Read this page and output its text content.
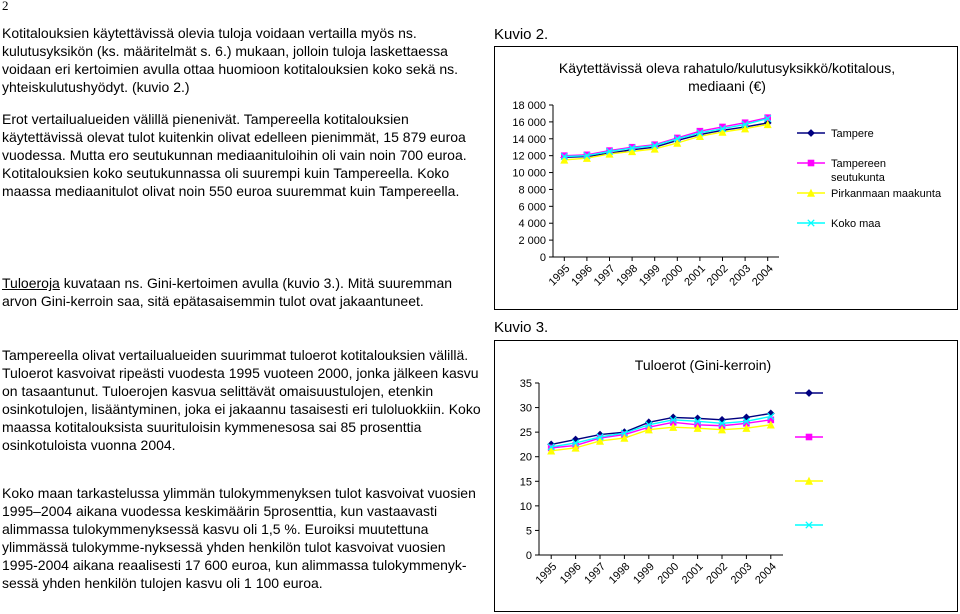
2
Kotitalouksien käytettävissä olevia tuloja voidaan vertailla myös ns. kulutusyksikön (ks. määritelmät s. 6.) mukaan, jolloin tuloja laskettaessa voidaan eri kertoimien avulla ottaa huomioon kotitalouksien koko sekä ns. yhteiskulutushyödyt. (kuvio 2.)
Erot vertailualueiden välillä pienenivät. Tampereella kotitalouksien käytettävissä olevat tulot kuitenkin olivat edelleen pienimmät, 15 879 euroa vuodessa. Mutta ero seutukunnan mediaanituloihin oli vain noin 700 euroa. Kotitalouksien koko seutukunnassa oli suurempi kuin Tampereella. Koko maassa mediaanitulot olivat noin 550 euroa suuremmat kuin Tampereella.
Tuloeroja kuvataan ns. Gini-kertoimen avulla (kuvio 3.). Mitä suuremman arvon Gini-kerroin saa, sitä epätasaisemmin tulot ovat jakaantuneet.
Tampereella olivat vertailualueiden suurimmat tuloerot kotitalouksien välillä. Tuloerot kasvoivat ripeästi vuodesta 1995 vuoteen 2000, jonka jälkeen kasvu on tasaantunut. Tuloerojen kasvua selittävät omaisuustulojen, etenkin osinkotulojen, lisääntyminen, joka ei jakaannu tasaisesti eri tuloluokkiin. Koko maassa kotitalouksista suurituloisin kymmenesosa sai 85 prosenttia osinkotuloista vuonna 2004.
Koko maan tarkastelussa ylimmän tulokymmenyksen tulot kasvoivat vuosien 1995–2004 aikana vuodessa keskimäärin 5prosenttia, kun vastaavasti alimmassa tulokymmenyksessä kasvu oli 1,5 %. Euroiksi muutettuna ylimmässä tulokymme-nyksessä yhden henkilön tulot kasvoivat vuosien 1995-2004 aikana reaalisesti 17 600 euroa, kun alimmassa tulokymmenyk-sessä yhden henkilön tulojen kasvu oli 1 100 euroa.
Kuvio 2.
Käytettävissä oleva rahatulo/kulutusyksikkö/kotitalous,
mediaani (€)
0
2 000
4 000
6 000
8 000
10 000
12 000
14 000
16 000
18 000
1995
1996
1997
1998
1999
2000
2001
2002
2003
2004
Tampere
Tampereen
seutukunta
Pirkanmaan maakunta
Koko maa
Kuvio 3.
Tuloerot (Gini-kerroin)
0
5
10
15
20
25
30
35
1995
1996
1997
1998
1999
2000
2001
2002
2003
2004
